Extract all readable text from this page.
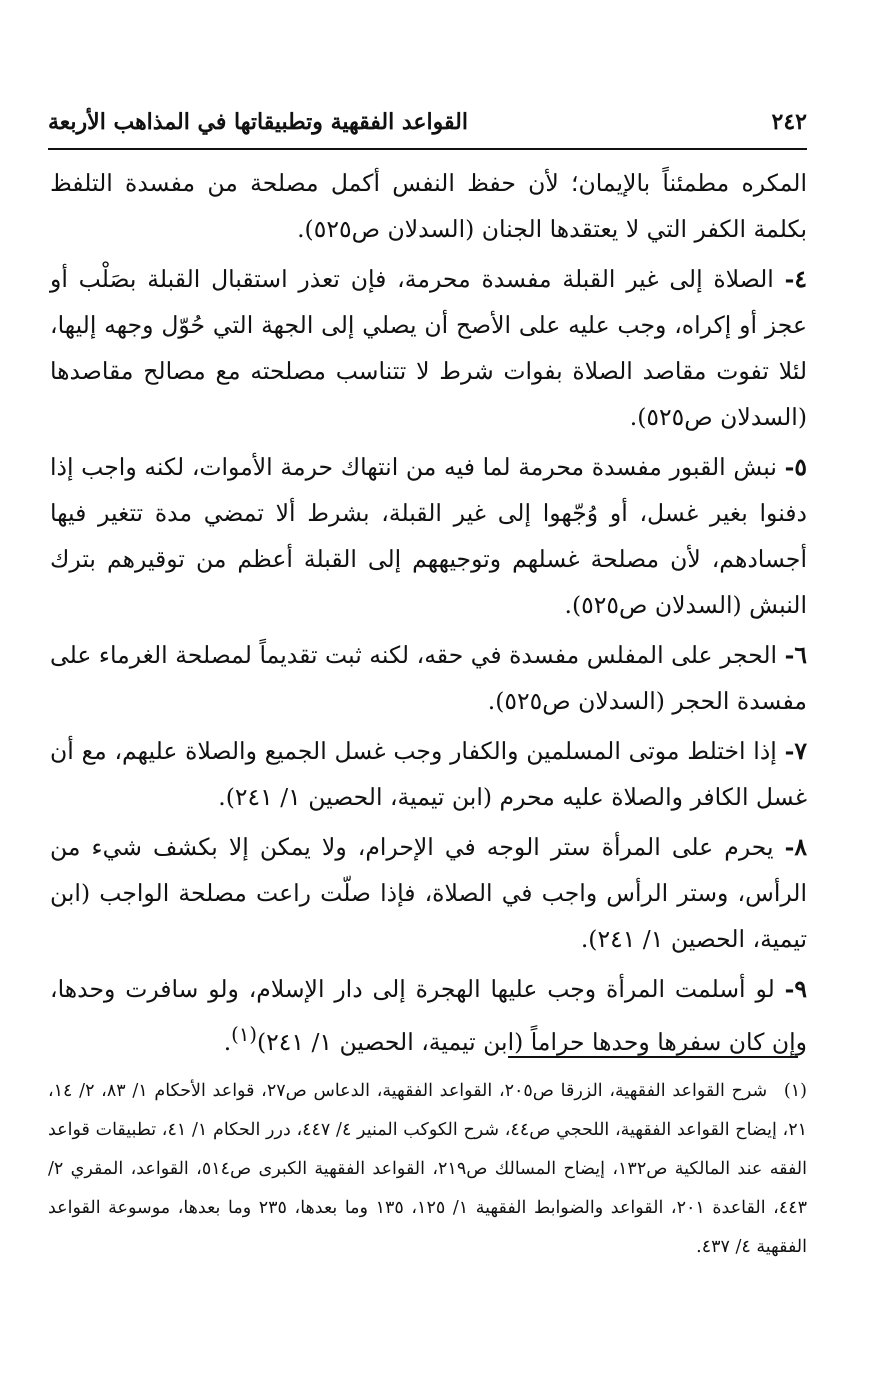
٢٤٢
القواعد الفقهية وتطبيقاتها في المذاهب الأربعة

المكره مطمئناً بالإيمان؛ لأن حفظ النفس أكمل مصلحة من مفسدة التلفظ بكلمة الكفر التي لا يعتقدها الجنان (السدلان ص٥٢٥).

٤- الصلاة إلى غير القبلة مفسدة محرمة، فإن تعذر استقبال القبلة بصَلْب أو عجز أو إكراه، وجب عليه على الأصح أن يصلي إلى الجهة التي حُوّل وجهه إليها، لئلا تفوت مقاصد الصلاة بفوات شرط لا تتناسب مصلحته مع مصالح مقاصدها (السدلان ص٥٢٥).

٥- نبش القبور مفسدة محرمة لما فيه من انتهاك حرمة الأموات، لكنه واجب إذا دفنوا بغير غسل، أو وُجّهوا إلى غير القبلة، بشرط ألا تمضي مدة تتغير فيها أجسادهم، لأن مصلحة غسلهم وتوجيههم إلى القبلة أعظم من توقيرهم بترك النبش (السدلان ص٥٢٥).

٦- الحجر على المفلس مفسدة في حقه، لكنه ثبت تقديماً لمصلحة الغرماء على مفسدة الحجر (السدلان ص٥٢٥).

٧- إذا اختلط موتى المسلمين والكفار وجب غسل الجميع والصلاة عليهم، مع أن غسل الكافر والصلاة عليه محرم (ابن تيمية، الحصين ١/ ٢٤١).

٨- يحرم على المرأة ستر الوجه في الإحرام، ولا يمكن إلا بكشف شيء من الرأس، وستر الرأس واجب في الصلاة، فإذا صلّت راعت مصلحة الواجب (ابن تيمية، الحصين ١/ ٢٤١).

٩- لو أسلمت المرأة وجب عليها الهجرة إلى دار الإسلام، ولو سافرت وحدها، وإن كان سفرها وحدها حراماً (ابن تيمية، الحصين ١/ ٢٤١)$^{(١)}$.

(١) شرح القواعد الفقهية، الزرقا ص٢٠٥، القواعد الفقهية، الدعاس ص٢٧، قواعد الأحكام ١/ ٨٣، ٢/ ١٤، ٢١، إيضاح القواعد الفقهية، اللحجي ص٤٤، شرح الكوكب المنير ٤/ ٤٤٧، درر الحكام ١/ ٤١، تطبيقات قواعد الفقه عند المالكية ص١٣٢، إيضاح المسالك ص٢١٩، القواعد الفقهية الكبرى ص٥١٤، القواعد، المقري ٢/ ٤٤٣، القاعدة ٢٠١، القواعد والضوابط الفقهية ١/ ١٢٥، ١٣٥ وما بعدها، ٢٣٥ وما بعدها، موسوعة القواعد الفقهية ٤/ ٤٣٧.
